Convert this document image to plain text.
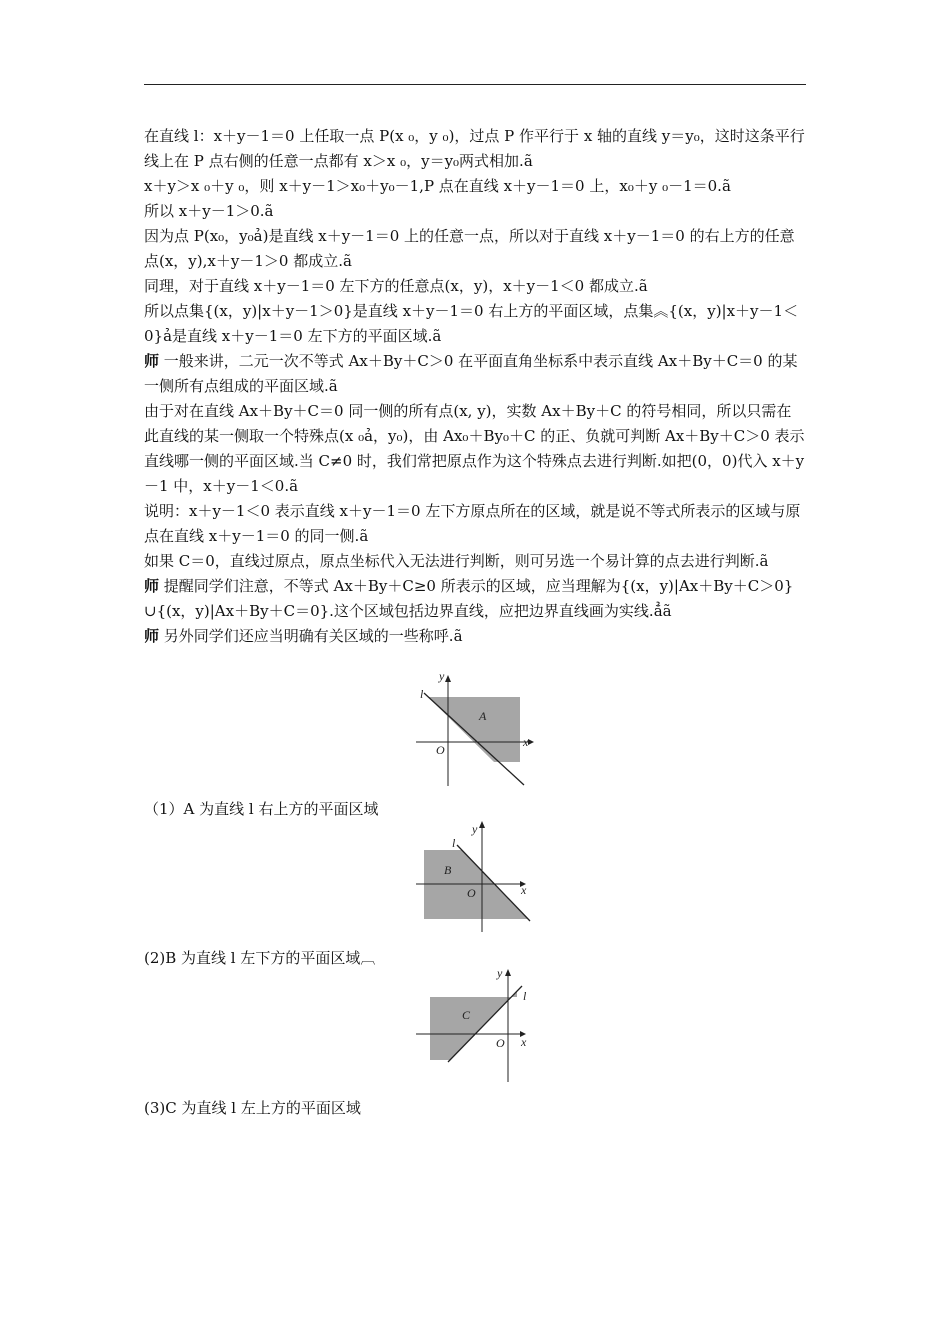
在直线 l：x＋y－1＝0 上任取一点 P(x ₀，y ₀)，过点 P 作平行于 x 轴的直线 y＝y₀，这时这条平行线上在 P 点右侧的任意一点都有 x＞x ₀，y＝y₀两式相加.ã

x＋y＞x ₀＋y ₀，则 x＋y－1＞x₀＋y₀－1,P 点在直线 x＋y－1＝0 上，x₀＋y ₀－1＝0.ã

所以 x＋y－1＞0.ã

因为点 P(x₀，y₀ả)是直线 x＋y－1＝0 上的任意一点，所以对于直线 x＋y－1＝0 的右上方的任意点(x，y),x＋y－1＞0 都成立.ã

同理，对于直线 x＋y－1＝0 左下方的任意点(x，y)，x＋y－1＜0 都成立.ã

所以点集{(x，y)|x＋y－1＞0}是直线 x＋y－1＝0 右上方的平面区域，点集︽{(x，y)|x＋y－1＜0}ả是直线 x＋y－1＝0 左下方的平面区域.ã

师 一般来讲，二元一次不等式 Ax＋By＋C＞0 在平面直角坐标系中表示直线 Ax＋By＋C＝0 的某一侧所有点组成的平面区域.ã

由于对在直线 Ax＋By＋C＝0 同一侧的所有点(x, y)，实数 Ax＋By＋C 的符号相同，所以只需在此直线的某一侧取一个特殊点(x ₀ả，y₀)，由 Ax₀＋By₀＋C 的正、负就可判断 Ax＋By＋C＞0 表示直线哪一侧的平面区域.当 C≠0 时，我们常把原点作为这个特殊点去进行判断.如把(0，0)代入 x＋y－1 中，x＋y－1＜0.ã

说明：x＋y－1＜0 表示直线 x＋y－1＝0 左下方原点所在的区域，就是说不等式所表示的区域与原点在直线 x＋y－1＝0 的同一侧.ã

如果 C＝0，直线过原点，原点坐标代入无法进行判断，则可另选一个易计算的点去进行判断.ã

师 提醒同学们注意，不等式 Ax＋By＋C≥0 所表示的区域，应当理解为{(x，y)|Ax＋By＋C＞0}∪{(x，y)|Ax＋By＋C＝0}.这个区域包括边界直线，应把边界直线画为实线.ẳã

师 另外同学们还应当明确有关区域的一些称呼.ã

l
y
x
O
A
（1）A 为直线 l 右上方的平面区域
l
y
x
O
B
(2)B 为直线 l 左下方的平面区域︹
l
y
x
O
C
(3)C 为直线 l 左上方的平面区域
